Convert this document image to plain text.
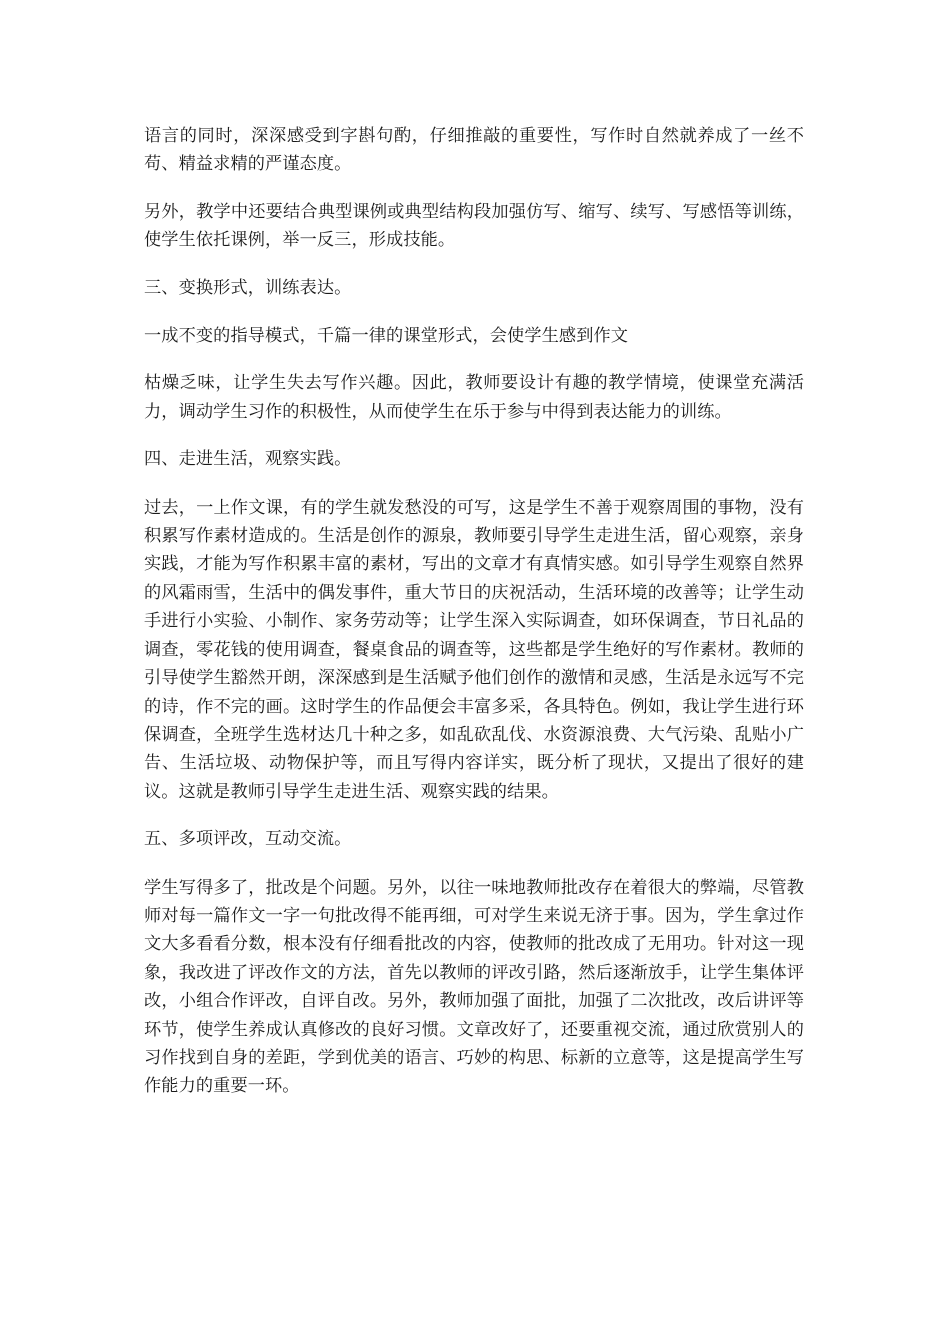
语言的同时，深深感受到字斟句酌，仔细推敲的重要性，写作时自然就养成了一丝不苟、精益求精的严谨态度。

另外，教学中还要结合典型课例或典型结构段加强仿写、缩写、续写、写感悟等训练，使学生依托课例，举一反三，形成技能。

三、变换形式，训练表达。

一成不变的指导模式，千篇一律的课堂形式，会使学生感到作文

枯燥乏味，让学生失去写作兴趣。因此，教师要设计有趣的教学情境，使课堂充满活力，调动学生习作的积极性，从而使学生在乐于参与中得到表达能力的训练。

四、走进生活，观察实践。

过去，一上作文课，有的学生就发愁没的可写，这是学生不善于观察周围的事物，没有积累写作素材造成的。生活是创作的源泉，教师要引导学生走进生活，留心观察，亲身实践，才能为写作积累丰富的素材，写出的文章才有真情实感。如引导学生观察自然界的风霜雨雪，生活中的偶发事件，重大节日的庆祝活动，生活环境的改善等；让学生动手进行小实验、小制作、家务劳动等；让学生深入实际调查，如环保调查，节日礼品的调查，零花钱的使用调查，餐桌食品的调查等，这些都是学生绝好的写作素材。教师的引导使学生豁然开朗，深深感到是生活赋予他们创作的激情和灵感，生活是永远写不完的诗，作不完的画。这时学生的作品便会丰富多采，各具特色。例如，我让学生进行环保调查，全班学生选材达几十种之多，如乱砍乱伐、水资源浪费、大气污染、乱贴小广告、生活垃圾、动物保护等，而且写得内容详实，既分析了现状，又提出了很好的建议。这就是教师引导学生走进生活、观察实践的结果。

五、多项评改，互动交流。

学生写得多了，批改是个问题。另外，以往一味地教师批改存在着很大的弊端，尽管教师对每一篇作文一字一句批改得不能再细，可对学生来说无济于事。因为，学生拿过作文大多看看分数，根本没有仔细看批改的内容，使教师的批改成了无用功。针对这一现象，我改进了评改作文的方法，首先以教师的评改引路，然后逐渐放手，让学生集体评改，小组合作评改，自评自改。另外，教师加强了面批，加强了二次批改，改后讲评等环节，使学生养成认真修改的良好习惯。文章改好了，还要重视交流，通过欣赏别人的习作找到自身的差距，学到优美的语言、巧妙的构思、标新的立意等，这是提高学生写作能力的重要一环。
